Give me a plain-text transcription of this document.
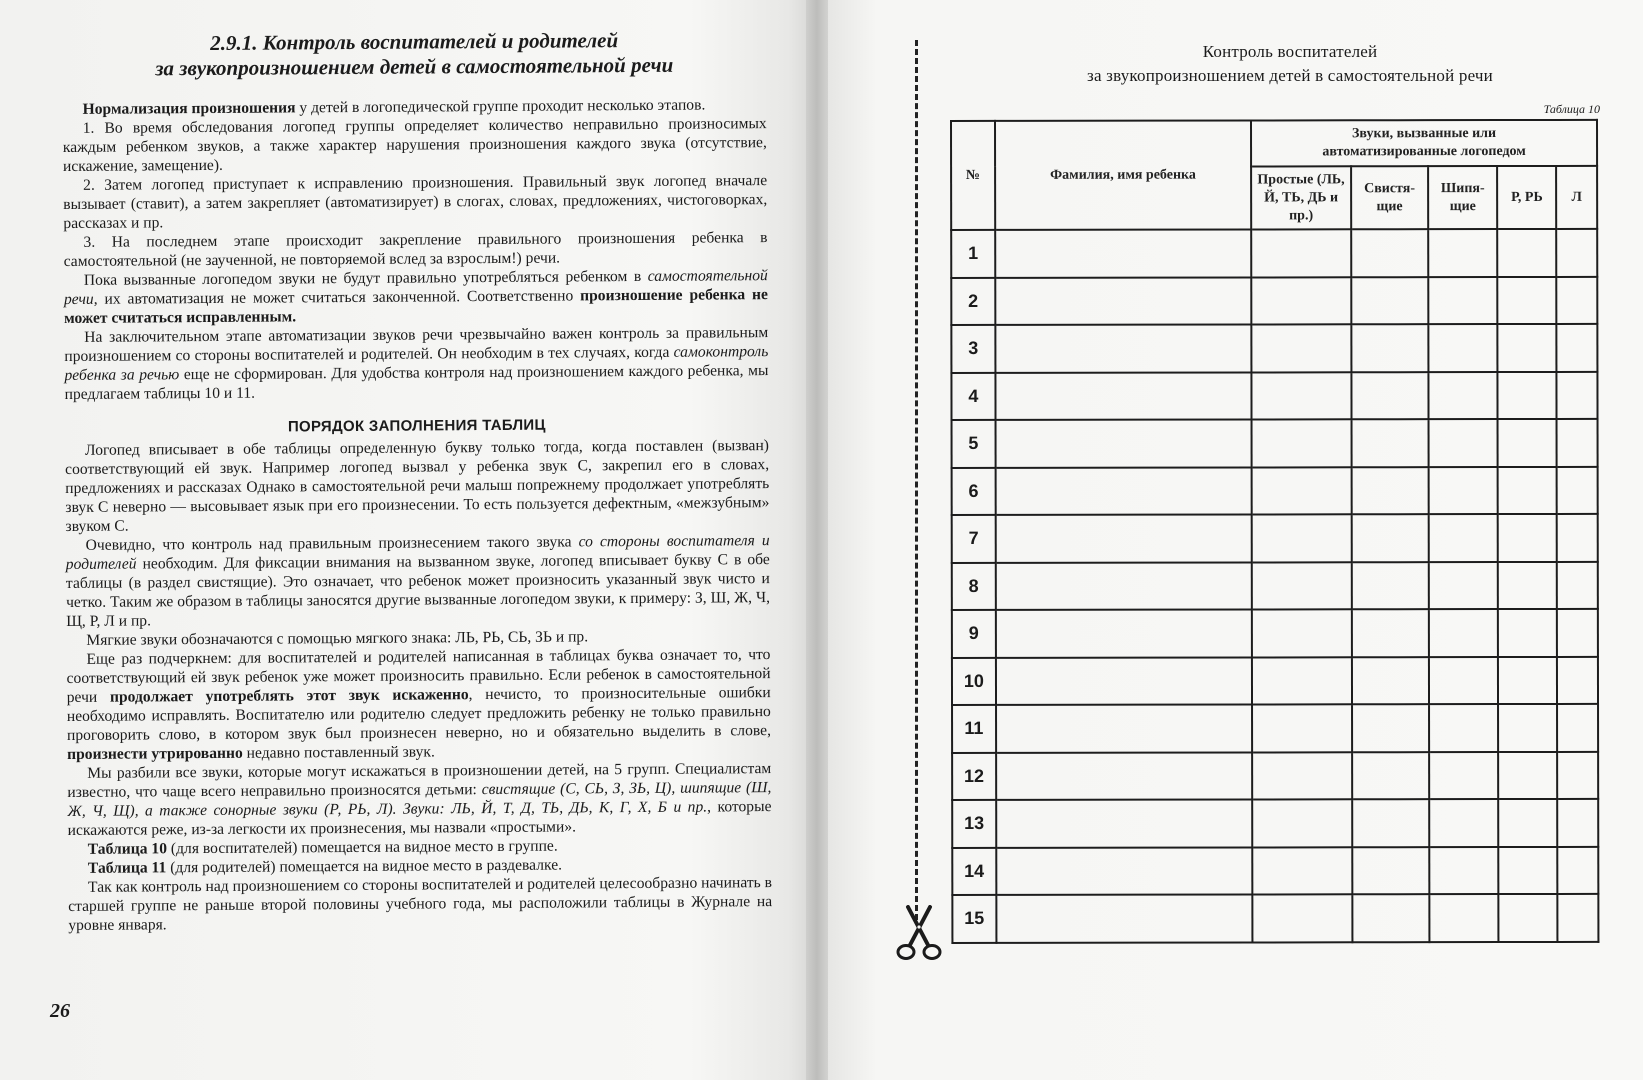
2.9.1. Контроль воспитателей и родителей
за звукопроизношением детей в самостоятельной речи

Нормализация произношения у детей в логопедической группе проходит несколько этапов.

1. Во время обследования логопед группы определяет количество неправильно произносимых каждым ребенком звуков, а также характер нарушения произношения каждого звука (отсутствие, искажение, замещение).

2. Затем логопед приступает к исправлению произношения. Правильный звук логопед вначале вызывает (ставит), а затем закрепляет (автоматизирует) в слогах, словах, предложениях, чистоговорках, рассказах и пр.

3. На последнем этапе происходит закрепление правильного произношения ребенка в самостоятельной (не заученной, не повторяемой вслед за взрослым!) речи.

Пока вызванные логопедом звуки не будут правильно употребляться ребенком в самостоятельной речи, их автоматизация не может считаться законченной. Соответственно произношение ребенка не может считаться исправленным.

На заключительном этапе автоматизации звуков речи чрезвычайно важен контроль за правильным произношением со стороны воспитателей и родителей. Он необходим в тех случаях, когда самоконтроль ребенка за речью еще не сформирован. Для удобства контроля над произношением каждого ребенка, мы предлагаем таблицы 10 и 11.

ПОРЯДОК ЗАПОЛНЕНИЯ ТАБЛИЦ

Логопед вписывает в обе таблицы определенную букву только тогда, когда поставлен (вызван) соответствующий ей звук. Например логопед вызвал у ребенка звук С, закрепил его в словах, предложениях и рассказах Однако в самостоятельной речи малыш попрежнему продолжает употреблять звук С неверно — высовывает язык при его произнесении. То есть пользуется дефектным, «межзубным» звуком С.

Очевидно, что контроль над правильным произнесением такого звука со стороны воспитателя и родителей необходим. Для фиксации внимания на вызванном звуке, логопед вписывает букву С в обе таблицы (в раздел свистящие). Это означает, что ребенок может произносить указанный звук чисто и четко. Таким же образом в таблицы заносятся другие вызванные логопедом звуки, к примеру: З, Ш, Ж, Ч, Щ, Р, Л и пр.

Мягкие звуки обозначаются с помощью мягкого знака: ЛЬ, РЬ, СЬ, ЗЬ и пр.

Еще раз подчеркнем: для воспитателей и родителей написанная в таблицах буква означает то, что соответствующий ей звук ребенок уже может произносить правильно. Если ребенок в самостоятельной речи продолжает употреблять этот звук искаженно, нечисто, то произносительные ошибки необходимо исправлять. Воспитателю или родителю следует предложить ребенку не только правильно проговорить слово, в котором звук был произнесен неверно, но и обязательно выделить в слове, произнести утрированно недавно поставленный звук.

Мы разбили все звуки, которые могут искажаться в произношении детей, на 5 групп. Специалистам известно, что чаще всего неправильно произносятся детьми: свистящие (С, СЬ, З, ЗЬ, Ц), шипящие (Ш, Ж, Ч, Щ), а также сонорные звуки (Р, РЬ, Л). Звуки: ЛЬ, Й, Т, Д, ТЬ, ДЬ, К, Г, Х, Б и пр., которые искажаются реже, из-за легкости их произнесения, мы назвали «простыми».

Таблица 10 (для воспитателей) помещается на видное место в группе.

Таблица 11 (для родителей) помещается на видное место в раздевалке.

Так как контроль над произношением со стороны воспитателей и родителей целесообразно начинать в старшей группе не раньше второй половины учебного года, мы расположили таблицы в Журнале на уровне января.

26
Контроль воспитателей
за звукопроизношением детей в самостоятельной речи
Таблица 10
№	Фамилия, имя ребенка	Звуки, вызванные или автоматизированные логопедом				
		Простые (ЛЬ, Й, ТЬ, ДЬ и пр.)	Свистя-щие	Шипя-щие	Р, РЬ	Л
1						
2						
3						
4						
5						
6						
7						
8						
9						
10						
11						
12						
13						
14						
15						
